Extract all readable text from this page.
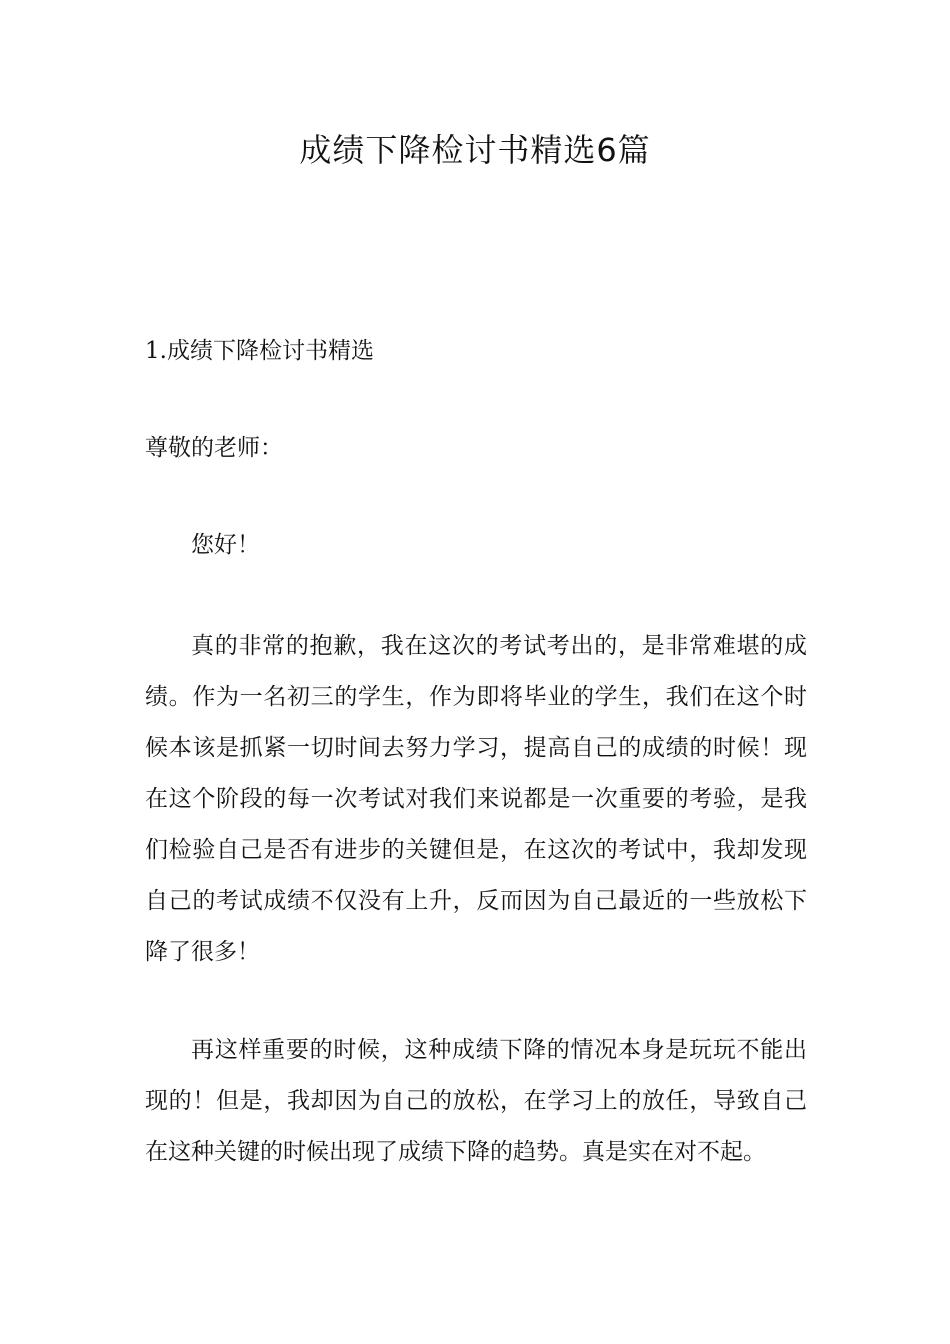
成绩下降检讨书精选6篇

1.成绩下降检讨书精选

尊敬的老师：

您好！

真的非常的抱歉，我在这次的考试考出的，是非常难堪的成绩。作为一名初三的学生，作为即将毕业的学生，我们在这个时候本该是抓紧一切时间去努力学习，提高自己的成绩的时候！现在这个阶段的每一次考试对我们来说都是一次重要的考验，是我们检验自己是否有进步的关键但是，在这次的考试中，我却发现自己的考试成绩不仅没有上升，反而因为自己最近的一些放松下降了很多！

再这样重要的时候，这种成绩下降的情况本身是玩玩不能出现的！但是，我却因为自己的放松，在学习上的放任，导致自己在这种关键的时候出现了成绩下降的趋势。真是实在对不起。
